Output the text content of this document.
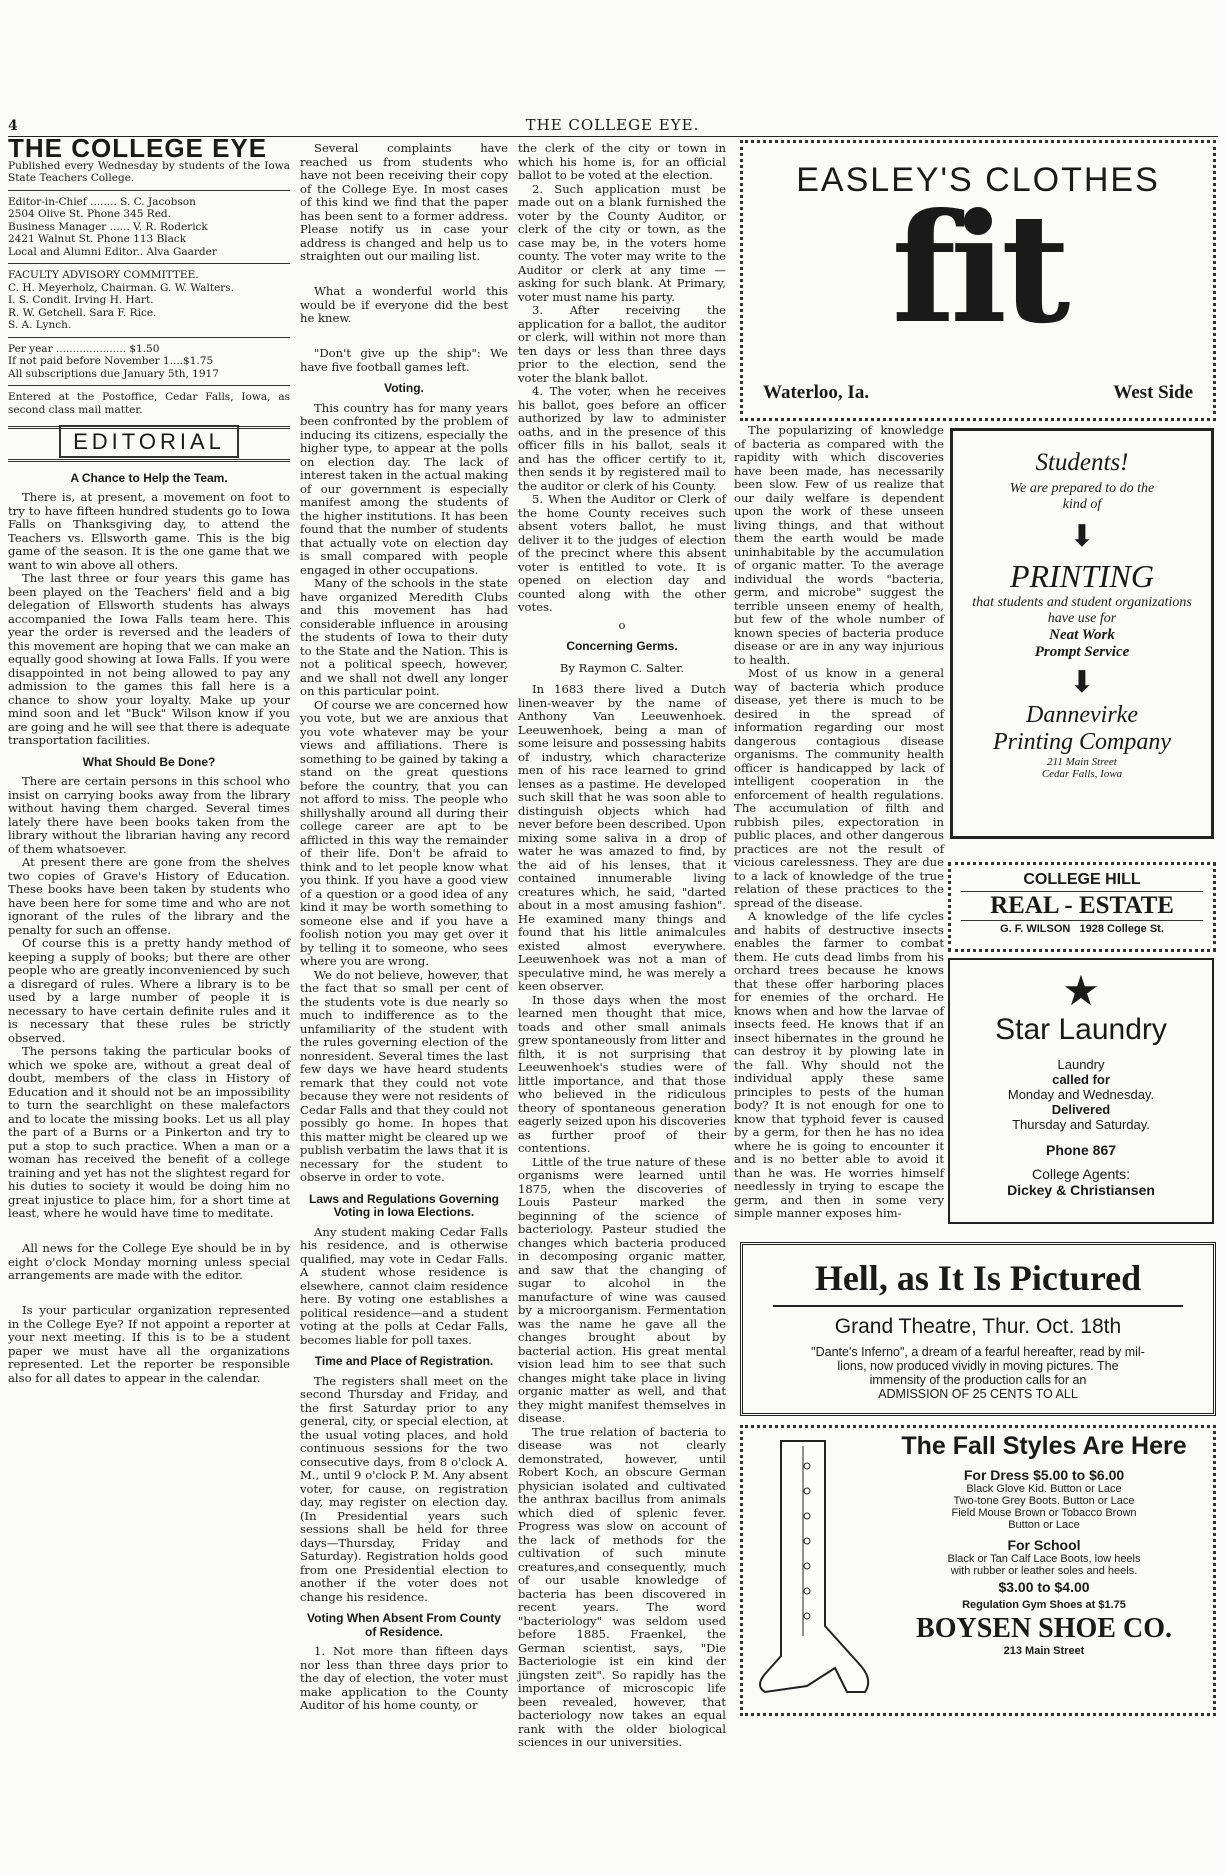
4	THE COLLEGE EYE.
THE COLLEGE EYE

Published every Wednesday by students of the Iowa State Teachers College.

Editor-in-Chief ........ S. C. Jacobson

2504 Olive St. Phone 345 Red.

Business Manager ...... V. R. Roderick

2421 Walnut St. Phone 113 Black

Local and Alumni Editor.. Alva Gaarder

FACULTY ADVISORY COMMITTEE.

C. H. Meyerholz, Chairman. G. W. Walters.

I. S. Condit. Irving H. Hart.

R. W. Getchell. Sara F. Rice.

S. A. Lynch.

Per year ..................... $1.50

If not paid before November 1....$1.75

All subscriptions due January 5th, 1917

Entered at the Postoffice, Cedar Falls, Iowa, as second class mail matter.

EDITORIAL
A Chance to Help the Team.

There is, at present, a movement on foot to try to have fifteen hundred students go to Iowa Falls on Thanksgiving day, to attend the Teachers vs. Ellsworth game. This is the big game of the season. It is the one game that we want to win above all others.

The last three or four years this game has been played on the Teachers' field and a big delegation of Ellsworth students has always accompanied the Iowa Falls team here. This year the order is reversed and the leaders of this movement are hoping that we can make an equally good showing at Iowa Falls. If you were disappointed in not being allowed to pay any admission to the games this fall here is a chance to show your loyalty. Make up your mind soon and let "Buck" Wilson know if you are going and he will see that there is adequate transportation facilities.

What Should Be Done?

There are certain persons in this school who insist on carrying books away from the library without having them charged. Several times lately there have been books taken from the library without the librarian having any record of them whatsoever.

At present there are gone from the shelves two copies of Grave's History of Education. These books have been taken by students who have been here for some time and who are not ignorant of the rules of the library and the penalty for such an offense.

Of course this is a pretty handy method of keeping a supply of books; but there are other people who are greatly inconvenienced by such a disregard of rules. Where a library is to be used by a large number of people it is necessary to have certain definite rules and it is necessary that these rules be strictly observed.

The persons taking the particular books of which we spoke are, without a great deal of doubt, members of the class in History of Education and it should not be an impossibility to turn the searchlight on these malefactors and to locate the missing books. Let us all play the part of a Burns or a Pinkerton and try to put a stop to such practice. When a man or a woman has received the benefit of a college training and yet has not the slightest regard for his duties to society it would be doing him no great injustice to place him, for a short time at least, where he would have time to meditate.

All news for the College Eye should be in by eight o'clock Monday morning unless special arrangements are made with the editor.

Is your particular organization represented in the College Eye? If not appoint a reporter at your next meeting. If this is to be a student paper we must have all the organizations represented. Let the reporter be responsible also for all dates to appear in the calendar.

Several complaints have reached us from students who have not been receiving their copy of the College Eye. In most cases of this kind we find that the paper has been sent to a former address. Please notify us in case your address is changed and help us to straighten out our mailing list.

What a wonderful world this would be if everyone did the best he knew.

"Don't give up the ship": We have five football games left.

Voting.

This country has for many years been confronted by the problem of inducing its citizens, especially the higher type, to appear at the polls on election day. The lack of interest taken in the actual making of our government is especially manifest among the students of the higher institutions. It has been found that the number of students that actually vote on election day is small compared with people engaged in other occupations.

Many of the schools in the state have organized Meredith Clubs and this movement has had considerable influence in arousing the students of Iowa to their duty to the State and the Nation. This is not a political speech, however, and we shall not dwell any longer on this particular point.

Of course we are concerned how you vote, but we are anxious that you vote whatever may be your views and affiliations. There is something to be gained by taking a stand on the great questions before the country, that you can not afford to miss. The people who shillyshally around all during their college career are apt to be afflicted in this way the remainder of their life. Don't be afraid to think and to let people know what you think. If you have a good view of a question or a good idea of any kind it may be worth something to someone else and if you have a foolish notion you may get over it by telling it to someone, who sees where you are wrong.

We do not believe, however, that the fact that so small per cent of the students vote is due nearly so much to indifference as to the unfamiliarity of the student with the rules governing election of the nonresident. Several times the last few days we have heard students remark that they could not vote because they were not residents of Cedar Falls and that they could not possibly go home. In hopes that this matter might be cleared up we publish verbatim the laws that it is necessary for the student to observe in order to vote.

Laws and Regulations Governing Voting in Iowa Elections.

Any student making Cedar Falls his residence, and is otherwise qualified, may vote in Cedar Falls. A student whose residence is elsewhere, cannot claim residence here. By voting one establishes a political residence—and a student voting at the polls at Cedar Falls, becomes liable for poll taxes.

Time and Place of Registration.

The registers shall meet on the second Thursday and Friday, and the first Saturday prior to any general, city, or special election, at the usual voting places, and hold continuous sessions for the two consecutive days, from 8 o'clock A. M., until 9 o'clock P. M. Any absent voter, for cause, on registration day, may register on election day. (In Presidential years such sessions shall be held for three days—Thursday, Friday and Saturday). Registration holds good from one Presidential election to another if the voter does not change his residence.

Voting When Absent From County of Residence.

1. Not more than fifteen days nor less than three days prior to the day of election, the voter must make application to the County Auditor of his home county, or

the clerk of the city or town in which his home is, for an official ballot to be voted at the election.

2. Such application must be made out on a blank furnished the voter by the County Auditor, or clerk of the city or town, as the case may be, in the voters home county. The voter may write to the Auditor or clerk at any time —asking for such blank. At Primary, voter must name his party.

3. After receiving the application for a ballot, the auditor or clerk, will within not more than ten days or less than three days prior to the election, send the voter the blank ballot.

4. The voter, when he receives his ballot, goes before an officer authorized by law to administer oaths, and in the presence of this officer fills in his ballot, seals it and has the officer certify to it, then sends it by registered mail to the auditor or clerk of his County.

5. When the Auditor or Clerk of the home County receives such absent voters ballot, he must deliver it to the judges of election of the precinct where this absent voter is entitled to vote. It is opened on election day and counted along with the other votes.

o
Concerning Germs.
By Raymon C. Salter.

In 1683 there lived a Dutch linen-weaver by the name of Anthony Van Leeuwenhoek. Leeuwenhoek, being a man of some leisure and possessing habits of industry, which characterize men of his race learned to grind lenses as a pastime. He developed such skill that he was soon able to distinguish objects which had never before been described. Upon mixing some saliva in a drop of water he was amazed to find, by the aid of his lenses, that it contained innumerable living creatures which, he said, "darted about in a most amusing fashion". He examined many things and found that his little animalcules existed almost everywhere. Leeuwenhoek was not a man of speculative mind, he was merely a keen observer.

In those days when the most learned men thought that mice, toads and other small animals grew spontaneously from litter and filth, it is not surprising that Leeuwenhoek's studies were of little importance, and that those who believed in the ridiculous theory of spontaneous generation eagerly seized upon his discoveries as further proof of their contentions.

Little of the true nature of these organisms were learned until 1875, when the discoveries of Louis Pasteur marked the beginning of the science of bacteriology. Pasteur studied the changes which bacteria produced in decomposing organic matter, and saw that the changing of sugar to alcohol in the manufacture of wine was caused by a microorganism. Fermentation was the name he gave all the changes brought about by bacterial action. His great mental vision lead him to see that such changes might take place in living organic matter as well, and that they might manifest themselves in disease.

The true relation of bacteria to disease was not clearly demonstrated, however, until Robert Koch, an obscure German physician isolated and cultivated the anthrax bacillus from animals which died of splenic fever. Progress was slow on account of the lack of methods for the cultivation of such minute creatures,and consequently, much of our usable knowledge of bacteria has been discovered in recent years. The word "bacteriology" was seldom used before 1885. Fraenkel, the German scientist, says, "Die Bacteriologie ist ein kind der jüngsten zeit". So rapidly has the importance of microscopic life been revealed, however, that bacteriology now takes an equal rank with the older biological sciences in our universities.

The popularizing of knowledge of bacteria as compared with the rapidity with which discoveries have been made, has necessarily been slow. Few of us realize that our daily welfare is dependent upon the work of these unseen living things, and that without them the earth would be made uninhabitable by the accumulation of organic matter. To the average individual the words "bacteria, germ, and microbe" suggest the terrible unseen enemy of health, but few of the whole number of known species of bacteria produce disease or are in any way injurious to health.

Most of us know in a general way of bacteria which produce disease, yet there is much to be desired in the spread of information regarding our most dangerous contagious disease organisms. The community health officer is handicapped by lack of intelligent cooperation in the enforcement of health regulations. The accumulation of filth and rubbish piles, expectoration in public places, and other dangerous practices are not the result of vicious carelessness. They are due to a lack of knowledge of the true relation of these practices to the spread of the disease.

A knowledge of the life cycles and habits of destructive insects enables the farmer to combat them. He cuts dead limbs from his orchard trees because he knows that these offer harboring places for enemies of the orchard. He knows when and how the larvae of insects feed. He knows that if an insect hibernates in the ground he can destroy it by plowing late in the fall. Why should not the individual apply these same principles to pests of the human body? It is not enough for one to know that typhoid fever is caused by a germ, for then he has no idea where he is going to encounter it and is no better able to avoid it than he was. He worries himself needlessly in trying to escape the germ, and then in some very simple manner exposes him-

EASLEY'S CLOTHES
fit
Waterloo, Ia.	West Side
Students!
We are prepared to do the
kind of
⬇
PRINTING
that students and student organizations have use for
Neat Work
Prompt Service
⬇
Dannevirke
Printing Company
211 Main Street
Cedar Falls, Iowa
COLLEGE HILL
REAL - ESTATE
G. F. WILSON 1928 College St.
★
Star Laundry
Laundry
called for
Monday and Wednesday.
Delivered
Thursday and Saturday.
Phone 867
College Agents:
Dickey & Christiansen
Hell, as It Is Pictured
Grand Theatre, Thur. Oct. 18th
"Dante's Inferno", a dream of a fearful hereafter, read by mil-
lions, now produced vividly in moving pictures. The
immensity of the production calls for an
ADMISSION OF 25 CENTS TO ALL
The Fall Styles Are Here
For Dress $5.00 to $6.00
Black Glove Kid. Button or Lace
Two-tone Grey Boots. Button or Lace
Field Mouse Brown or Tobacco Brown
Button or Lace
For School
Black or Tan Calf Lace Boots, low heels
with rubber or leather soles and heels.
$3.00 to $4.00
Regulation Gym Shoes at $1.75
BOYSEN SHOE CO.
213 Main Street
